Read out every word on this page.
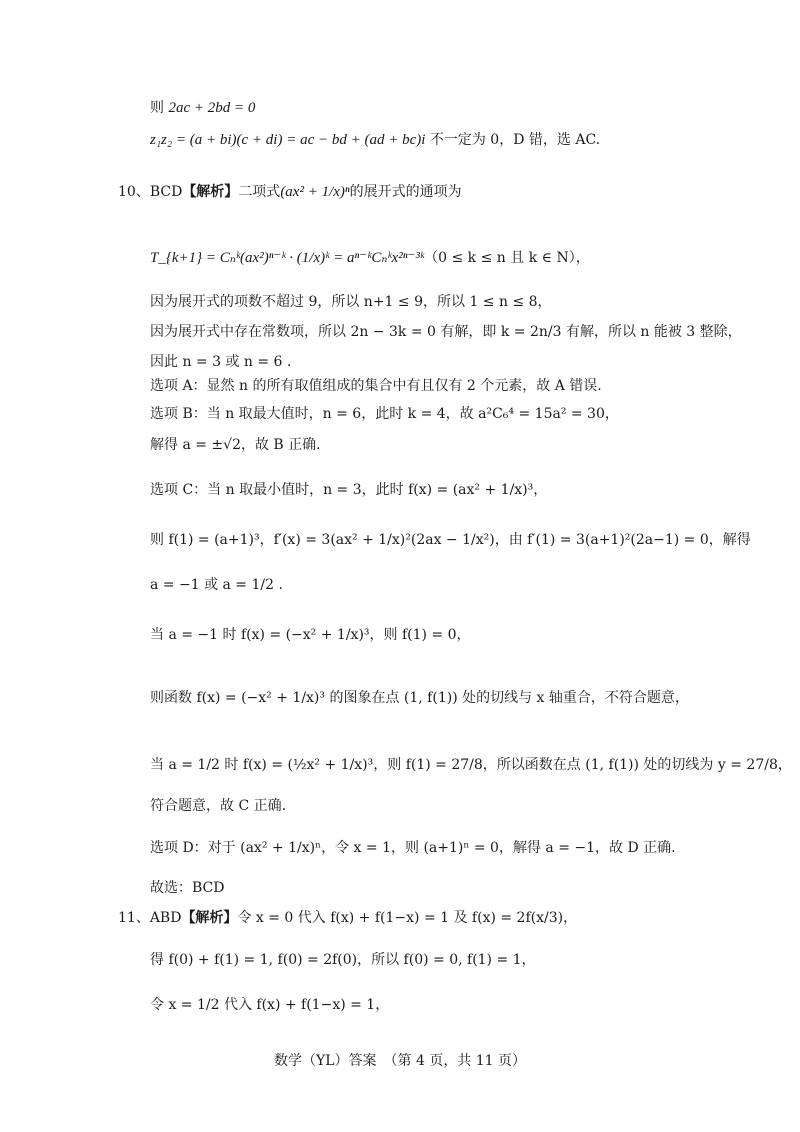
则 2ac + 2bd = 0
z₁z₂ = (a + bi)(c + di) = ac − bd + (ad + bc)i 不一定为 0，D 错，选 AC.
10、BCD【解析】二项式(ax² + 1/x)ⁿ的展开式的通项为
T_{k+1} = Cₙᵏ(ax²)ⁿ⁻ᵏ · (1/x)ᵏ = aⁿ⁻ᵏCₙᵏx²ⁿ⁻³ᵏ（0 ≤ k ≤ n 且 k ∈ N），
因为展开式的项数不超过 9，所以 n+1 ≤ 9，所以 1 ≤ n ≤ 8，
因为展开式中存在常数项，所以 2n − 3k = 0 有解，即 k = 2n/3 有解，所以 n 能被 3 整除，
因此 n = 3 或 n = 6 .
选项 A：显然 n 的所有取值组成的集合中有且仅有 2 个元素，故 A 错误.
选项 B：当 n 取最大值时，n = 6，此时 k = 4，故 a²C₆⁴ = 15a² = 30，
解得 a = ±√2，故 B 正确.
选项 C：当 n 取最小值时，n = 3，此时 f(x) = (ax² + 1/x)³，
则 f(1) = (a+1)³，f′(x) = 3(ax² + 1/x)²(2ax − 1/x²)，由 f′(1) = 3(a+1)²(2a−1) = 0，解得
a = −1 或 a = 1/2 .
当 a = −1 时 f(x) = (−x² + 1/x)³，则 f(1) = 0，
则函数 f(x) = (−x² + 1/x)³ 的图象在点 (1, f(1)) 处的切线与 x 轴重合，不符合题意，
当 a = 1/2 时 f(x) = (½x² + 1/x)³，则 f(1) = 27/8，所以函数在点 (1, f(1)) 处的切线为 y = 27/8，
符合题意，故 C 正确.
选项 D：对于 (ax² + 1/x)ⁿ，令 x = 1，则 (a+1)ⁿ = 0，解得 a = −1，故 D 正确.
故选：BCD
11、ABD【解析】令 x = 0 代入 f(x) + f(1−x) = 1 及 f(x) = 2f(x/3)，
得 f(0) + f(1) = 1, f(0) = 2f(0)，所以 f(0) = 0, f(1) = 1，
令 x = 1/2 代入 f(x) + f(1−x) = 1，
数学（YL）答案　（第 4 页，共 11 页）
